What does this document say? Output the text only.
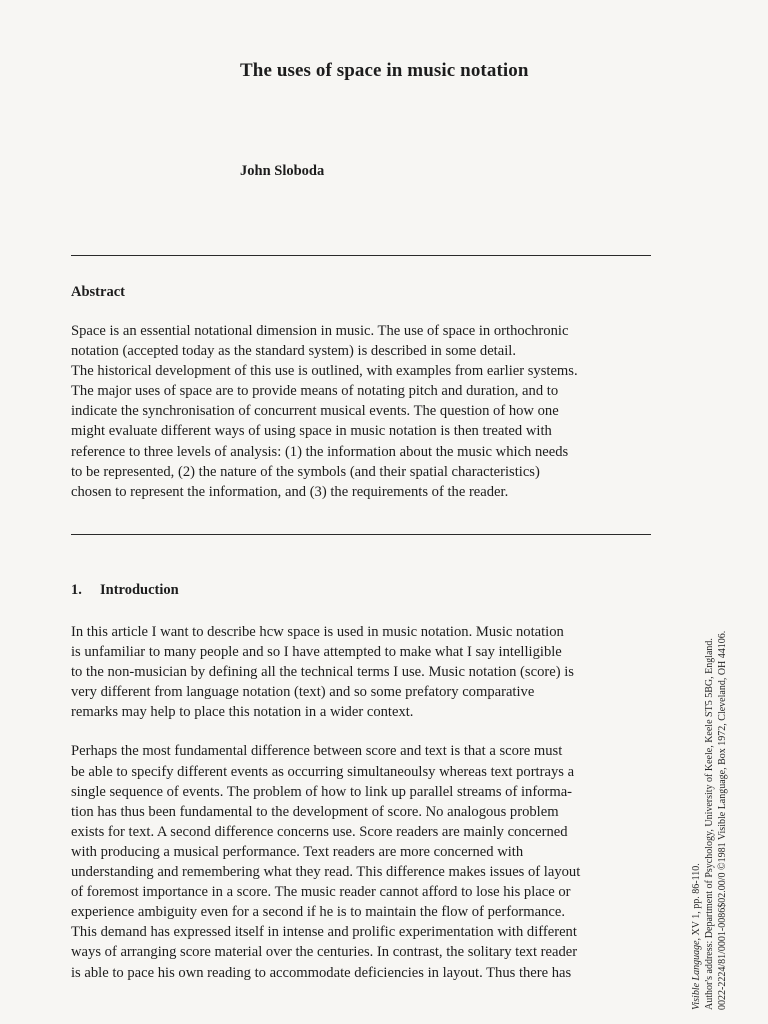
The uses of space in music notation
John Sloboda
Abstract

Space is an essential notational dimension in music. The use of space in orthochronic

notation (accepted today as the standard system) is described in some detail.

The historical development of this use is outlined, with examples from earlier systems.

The major uses of space are to provide means of notating pitch and duration, and to

indicate the synchronisation of concurrent musical events. The question of how one

might evaluate different ways of using space in music notation is then treated with

reference to three levels of analysis: (1) the information about the music which needs

to be represented, (2) the nature of the symbols (and their spatial characteristics)

chosen to represent the information, and (3) the requirements of the reader.

1. Introduction
In this article I want to describe hcw space is used in music notation. Music notation
is unfamiliar to many people and so I have attempted to make what I say intelligible
to the non-musician by defining all the technical terms I use. Music notation (score) is
very different from language notation (text) and so some prefatory comparative
remarks may help to place this notation in a wider context.
Perhaps the most fundamental difference between score and text is that a score must
be able to specify different events as occurring simultaneoulsy whereas text portrays a
single sequence of events. The problem of how to link up parallel streams of informa-
tion has thus been fundamental to the development of score. No analogous problem
exists for text. A second difference concerns use. Score readers are mainly concerned
with producing a musical performance. Text readers are more concerned with
understanding and remembering what they read. This difference makes issues of layout
of foremost importance in a score. The music reader cannot afford to lose his place or
experience ambiguity even for a second if he is to maintain the flow of performance.
This demand has expressed itself in intense and prolific experimentation with different
ways of arranging score material over the centuries. In contrast, the solitary text reader
is able to pace his own reading to accommodate deficiencies in layout. Thus there has	Visible Language, XV 1, pp. 86-110. Author's address: Department of Psychology, University of Keele, Keele ST5 5BG, England. 0022-2224/81/0001-0086$02.00/0 ©1981 Visible Language, Box 1972, Cleveland, OH 44106.
